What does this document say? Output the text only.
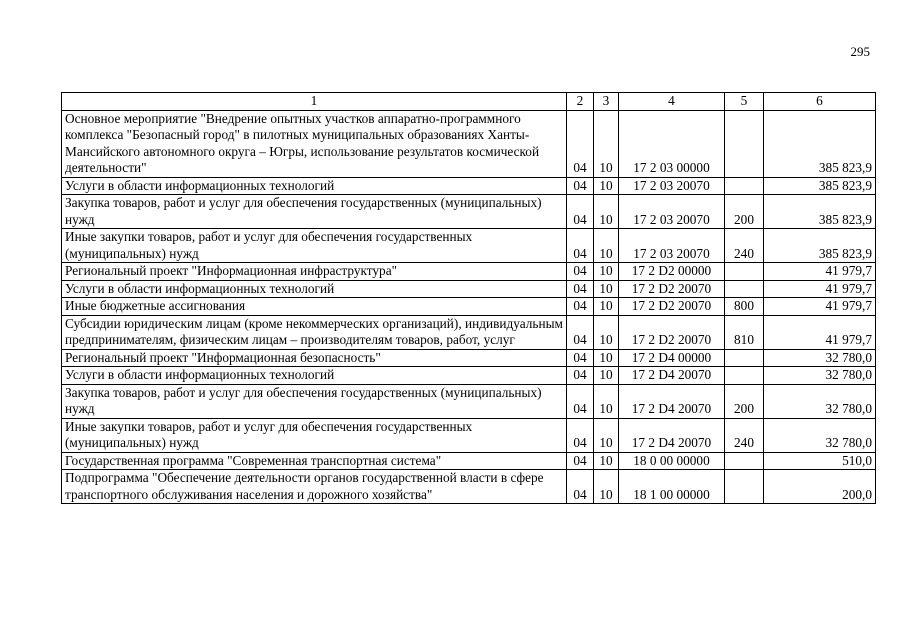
295
1	2	3	4	5	6
Основное мероприятие "Внедрение опытных участков аппаратно-программного комплекса "Безопасный город" в пилотных муниципальных образованиях Ханты-Мансийского автономного округа – Югры, использование результатов космической деятельности"	04	10	17 2 03 00000		385 823,9
Услуги в области информационных технологий	04	10	17 2 03 20070		385 823,9
Закупка товаров, работ и услуг для обеспечения государственных (муниципальных) нужд	04	10	17 2 03 20070	200	385 823,9
Иные закупки товаров, работ и услуг для обеспечения государственных (муниципальных) нужд	04	10	17 2 03 20070	240	385 823,9
Региональный проект "Информационная инфраструктура"	04	10	17 2 D2 00000		41 979,7
Услуги в области информационных технологий	04	10	17 2 D2 20070		41 979,7
Иные бюджетные ассигнования	04	10	17 2 D2 20070	800	41 979,7
Субсидии юридическим лицам (кроме некоммерческих организаций), индивидуальным предпринимателям, физическим лицам – производителям товаров, работ, услуг	04	10	17 2 D2 20070	810	41 979,7
Региональный проект "Информационная безопасность"	04	10	17 2 D4 00000		32 780,0
Услуги в области информационных технологий	04	10	17 2 D4 20070		32 780,0
Закупка товаров, работ и услуг для обеспечения государственных (муниципальных) нужд	04	10	17 2 D4 20070	200	32 780,0
Иные закупки товаров, работ и услуг для обеспечения государственных (муниципальных) нужд	04	10	17 2 D4 20070	240	32 780,0
Государственная программа "Современная транспортная система"	04	10	18 0 00 00000		510,0
Подпрограмма "Обеспечение деятельности органов государственной власти в сфере транспортного обслуживания населения и дорожного хозяйства"	04	10	18 1 00 00000		200,0
